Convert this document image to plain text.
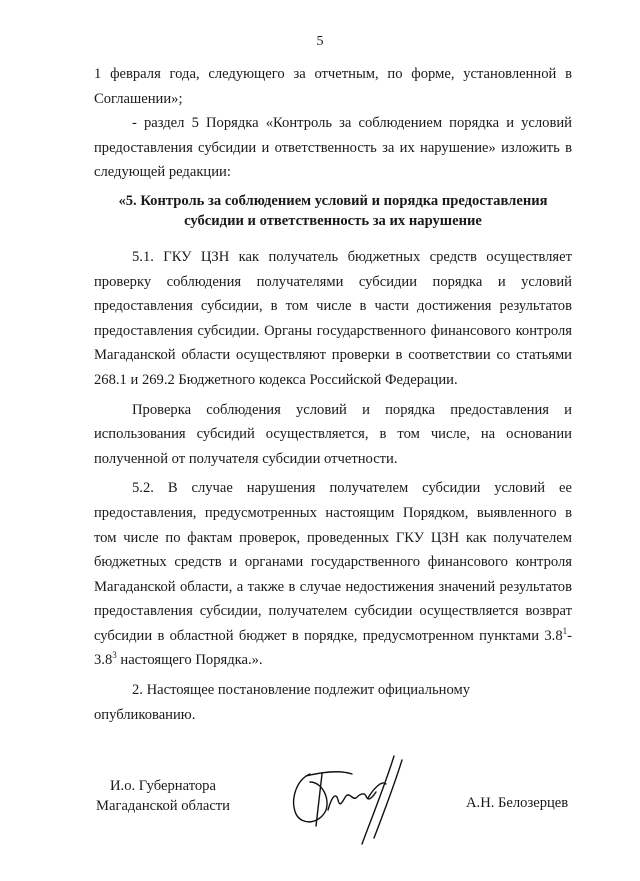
5

1 февраля года, следующего за отчетным, по форме, установленной в Соглашении»;

- раздел 5 Порядка «Контроль за соблюдением порядка и условий предоставления субсидии и ответственность за их нарушение» изложить в следующей редакции:

«5. Контроль за соблюдением условий и порядка предоставления
субсидии и ответственность за их нарушение

5.1. ГКУ ЦЗН как получатель бюджетных средств осуществляет проверку соблюдения получателями субсидии порядка и условий предоставления субсидии, в том числе в части достижения результатов предоставления субсидии. Органы государственного финансового контроля Магаданской области осуществляют проверки в соответствии со статьями 268.1 и 269.2 Бюджетного кодекса Российской Федерации.

Проверка соблюдения условий и порядка предоставления и использования субсидий осуществляется, в том числе, на основании полученной от получателя субсидии отчетности.

5.2. В случае нарушения получателем субсидии условий ее предоставления, предусмотренных настоящим Порядком, выявленного в том числе по фактам проверок, проведенных ГКУ ЦЗН как получателем бюджетных средств и органами государственного финансового контроля Магаданской области, а также в случае недостижения значений результатов предоставления субсидии, получателем субсидии осуществляется возврат субсидии в областной бюджет в порядке, предусмотренном пунктами $3.8^1-3.8^3$ настоящего Порядка.».

2. Настоящее постановление подлежит официальному

опубликованию.

И.о. Губернатора
Магаданской области	А.Н. Белозерцев
